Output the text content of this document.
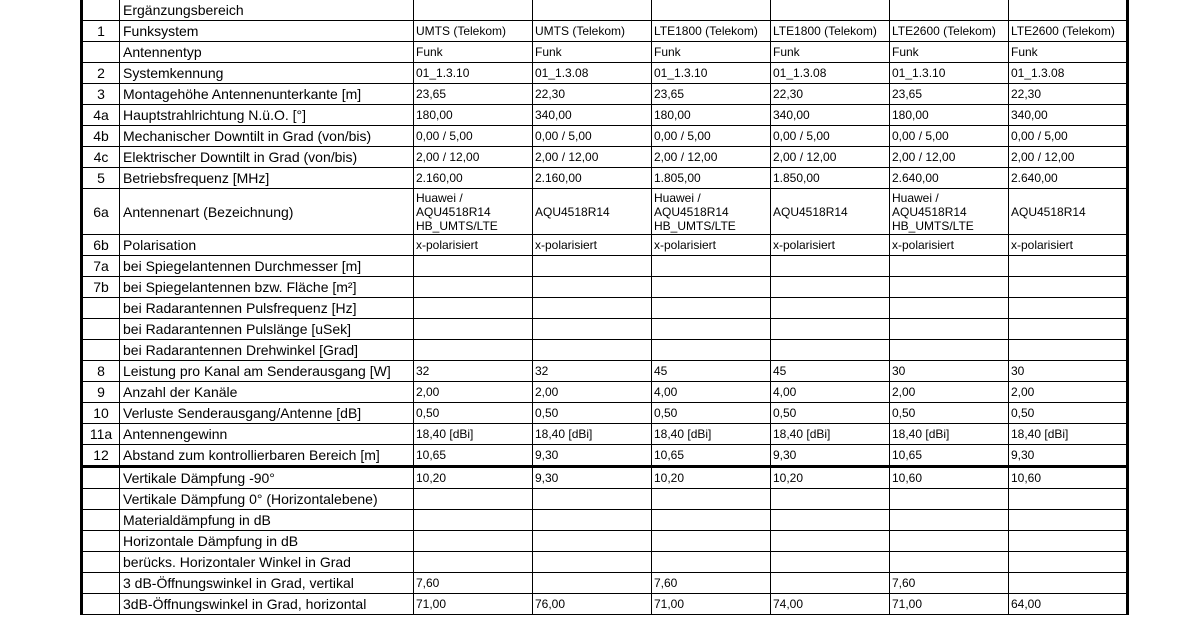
	Ergänzungsbereich						
1	Funksystem	UMTS (Telekom)	UMTS (Telekom)	LTE1800 (Telekom)	LTE1800 (Telekom)	LTE2600 (Telekom)	LTE2600 (Telekom)
	Antennentyp	Funk	Funk	Funk	Funk	Funk	Funk
2	Systemkennung	01_1.3.10	01_1.3.08	01_1.3.10	01_1.3.08	01_1.3.10	01_1.3.08
3	Montagehöhe Antennenunterkante [m]	23,65	22,30	23,65	22,30	23,65	22,30
4a	Hauptstrahlrichtung N.ü.O. [°]	180,00	340,00	180,00	340,00	180,00	340,00
4b	Mechanischer Downtilt in Grad (von/bis)	0,00 / 5,00	0,00 / 5,00	0,00 / 5,00	0,00 / 5,00	0,00 / 5,00	0,00 / 5,00
4c	Elektrischer Downtilt in Grad (von/bis)	2,00 / 12,00	2,00 / 12,00	2,00 / 12,00	2,00 / 12,00	2,00 / 12,00	2,00 / 12,00
5	Betriebsfrequenz [MHz]	2.160,00	2.160,00	1.805,00	1.850,00	2.640,00	2.640,00
6a	Antennenart (Bezeichnung)	Huawei / AQU4518R14 HB_UMTS/LTE	AQU4518R14	Huawei / AQU4518R14 HB_UMTS/LTE	AQU4518R14	Huawei / AQU4518R14 HB_UMTS/LTE	AQU4518R14
6b	Polarisation	x-polarisiert	x-polarisiert	x-polarisiert	x-polarisiert	x-polarisiert	x-polarisiert
7a	bei Spiegelantennen Durchmesser [m]						
7b	bei Spiegelantennen bzw. Fläche [m²]						
	bei Radarantennen Pulsfrequenz [Hz]						
	bei Radarantennen Pulslänge [uSek]						
	bei Radarantennen Drehwinkel [Grad]						
8	Leistung pro Kanal am Senderausgang [W]	32	32	45	45	30	30
9	Anzahl der Kanäle	2,00	2,00	4,00	4,00	2,00	2,00
10	Verluste Senderausgang/Antenne [dB]	0,50	0,50	0,50	0,50	0,50	0,50
11a	Antennengewinn	18,40 [dBi]	18,40 [dBi]	18,40 [dBi]	18,40 [dBi]	18,40 [dBi]	18,40 [dBi]
12	Abstand zum kontrollierbaren Bereich [m]	10,65	9,30	10,65	9,30	10,65	9,30
	Vertikale Dämpfung -90°	10,20	9,30	10,20	10,20	10,60	10,60
	Vertikale Dämpfung 0° (Horizontalebene)						
	Materialdämpfung in dB						
	Horizontale Dämpfung in dB						
	berücks. Horizontaler Winkel in Grad						
	3 dB-Öffnungswinkel in Grad, vertikal	7,60		7,60		7,60	
	3dB-Öffnungswinkel in Grad, horizontal	71,00	76,00	71,00	74,00	71,00	64,00
